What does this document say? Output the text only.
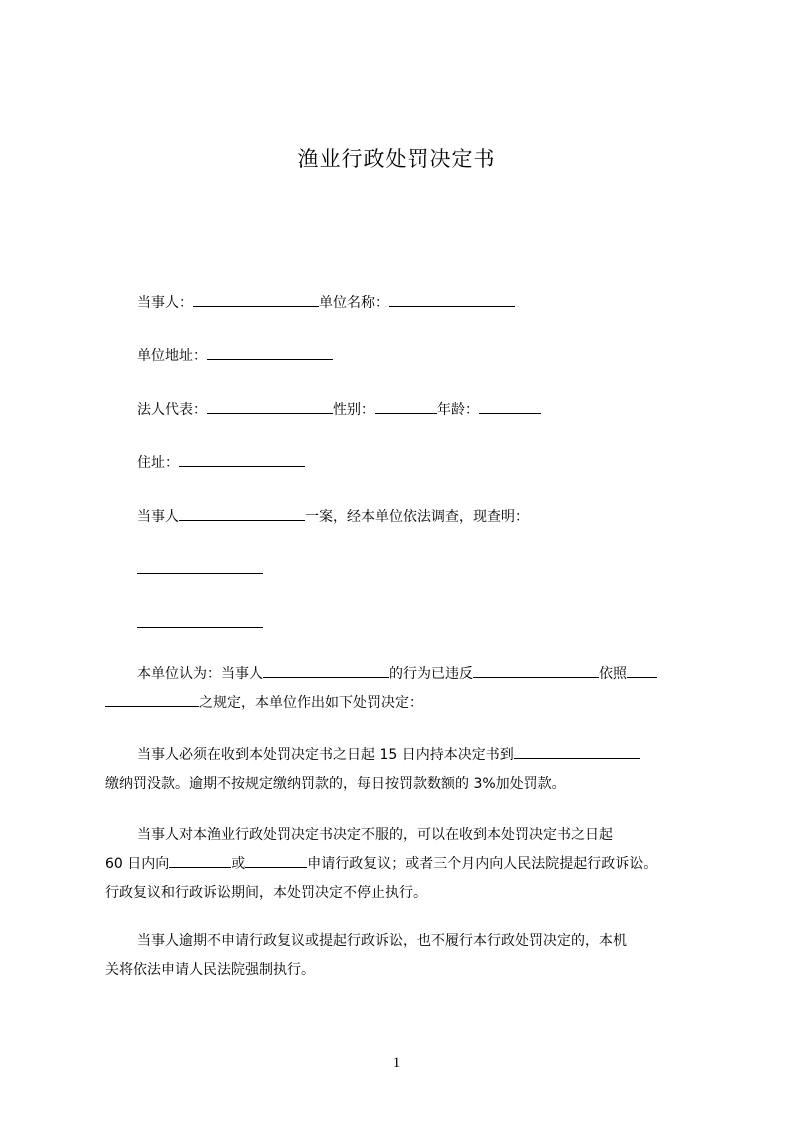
渔业行政处罚决定书
当事人：	单位名称：
单位地址：
法人代表：	性别：	年龄：
住址：
当事人	一案，经本单位依法调查，现查明：
本单位认为：当事人	的行为已违反	依照
之规定，本单位作出如下处罚决定：
当事人必须在收到本处罚决定书之日起 15 日内持本决定书到
缴纳罚没款。逾期不按规定缴纳罚款的，每日按罚款数额的 3%加处罚款。
当事人对本渔业行政处罚决定书决定不服的，可以在收到本处罚决定书之日起
60 日内向	或	申请行政复议；或者三个月内向人民法院提起行政诉讼。
行政复议和行政诉讼期间，本处罚决定不停止执行。
当事人逾期不申请行政复议或提起行政诉讼，也不履行本行政处罚决定的，本机
关将依法申请人民法院强制执行。
1
